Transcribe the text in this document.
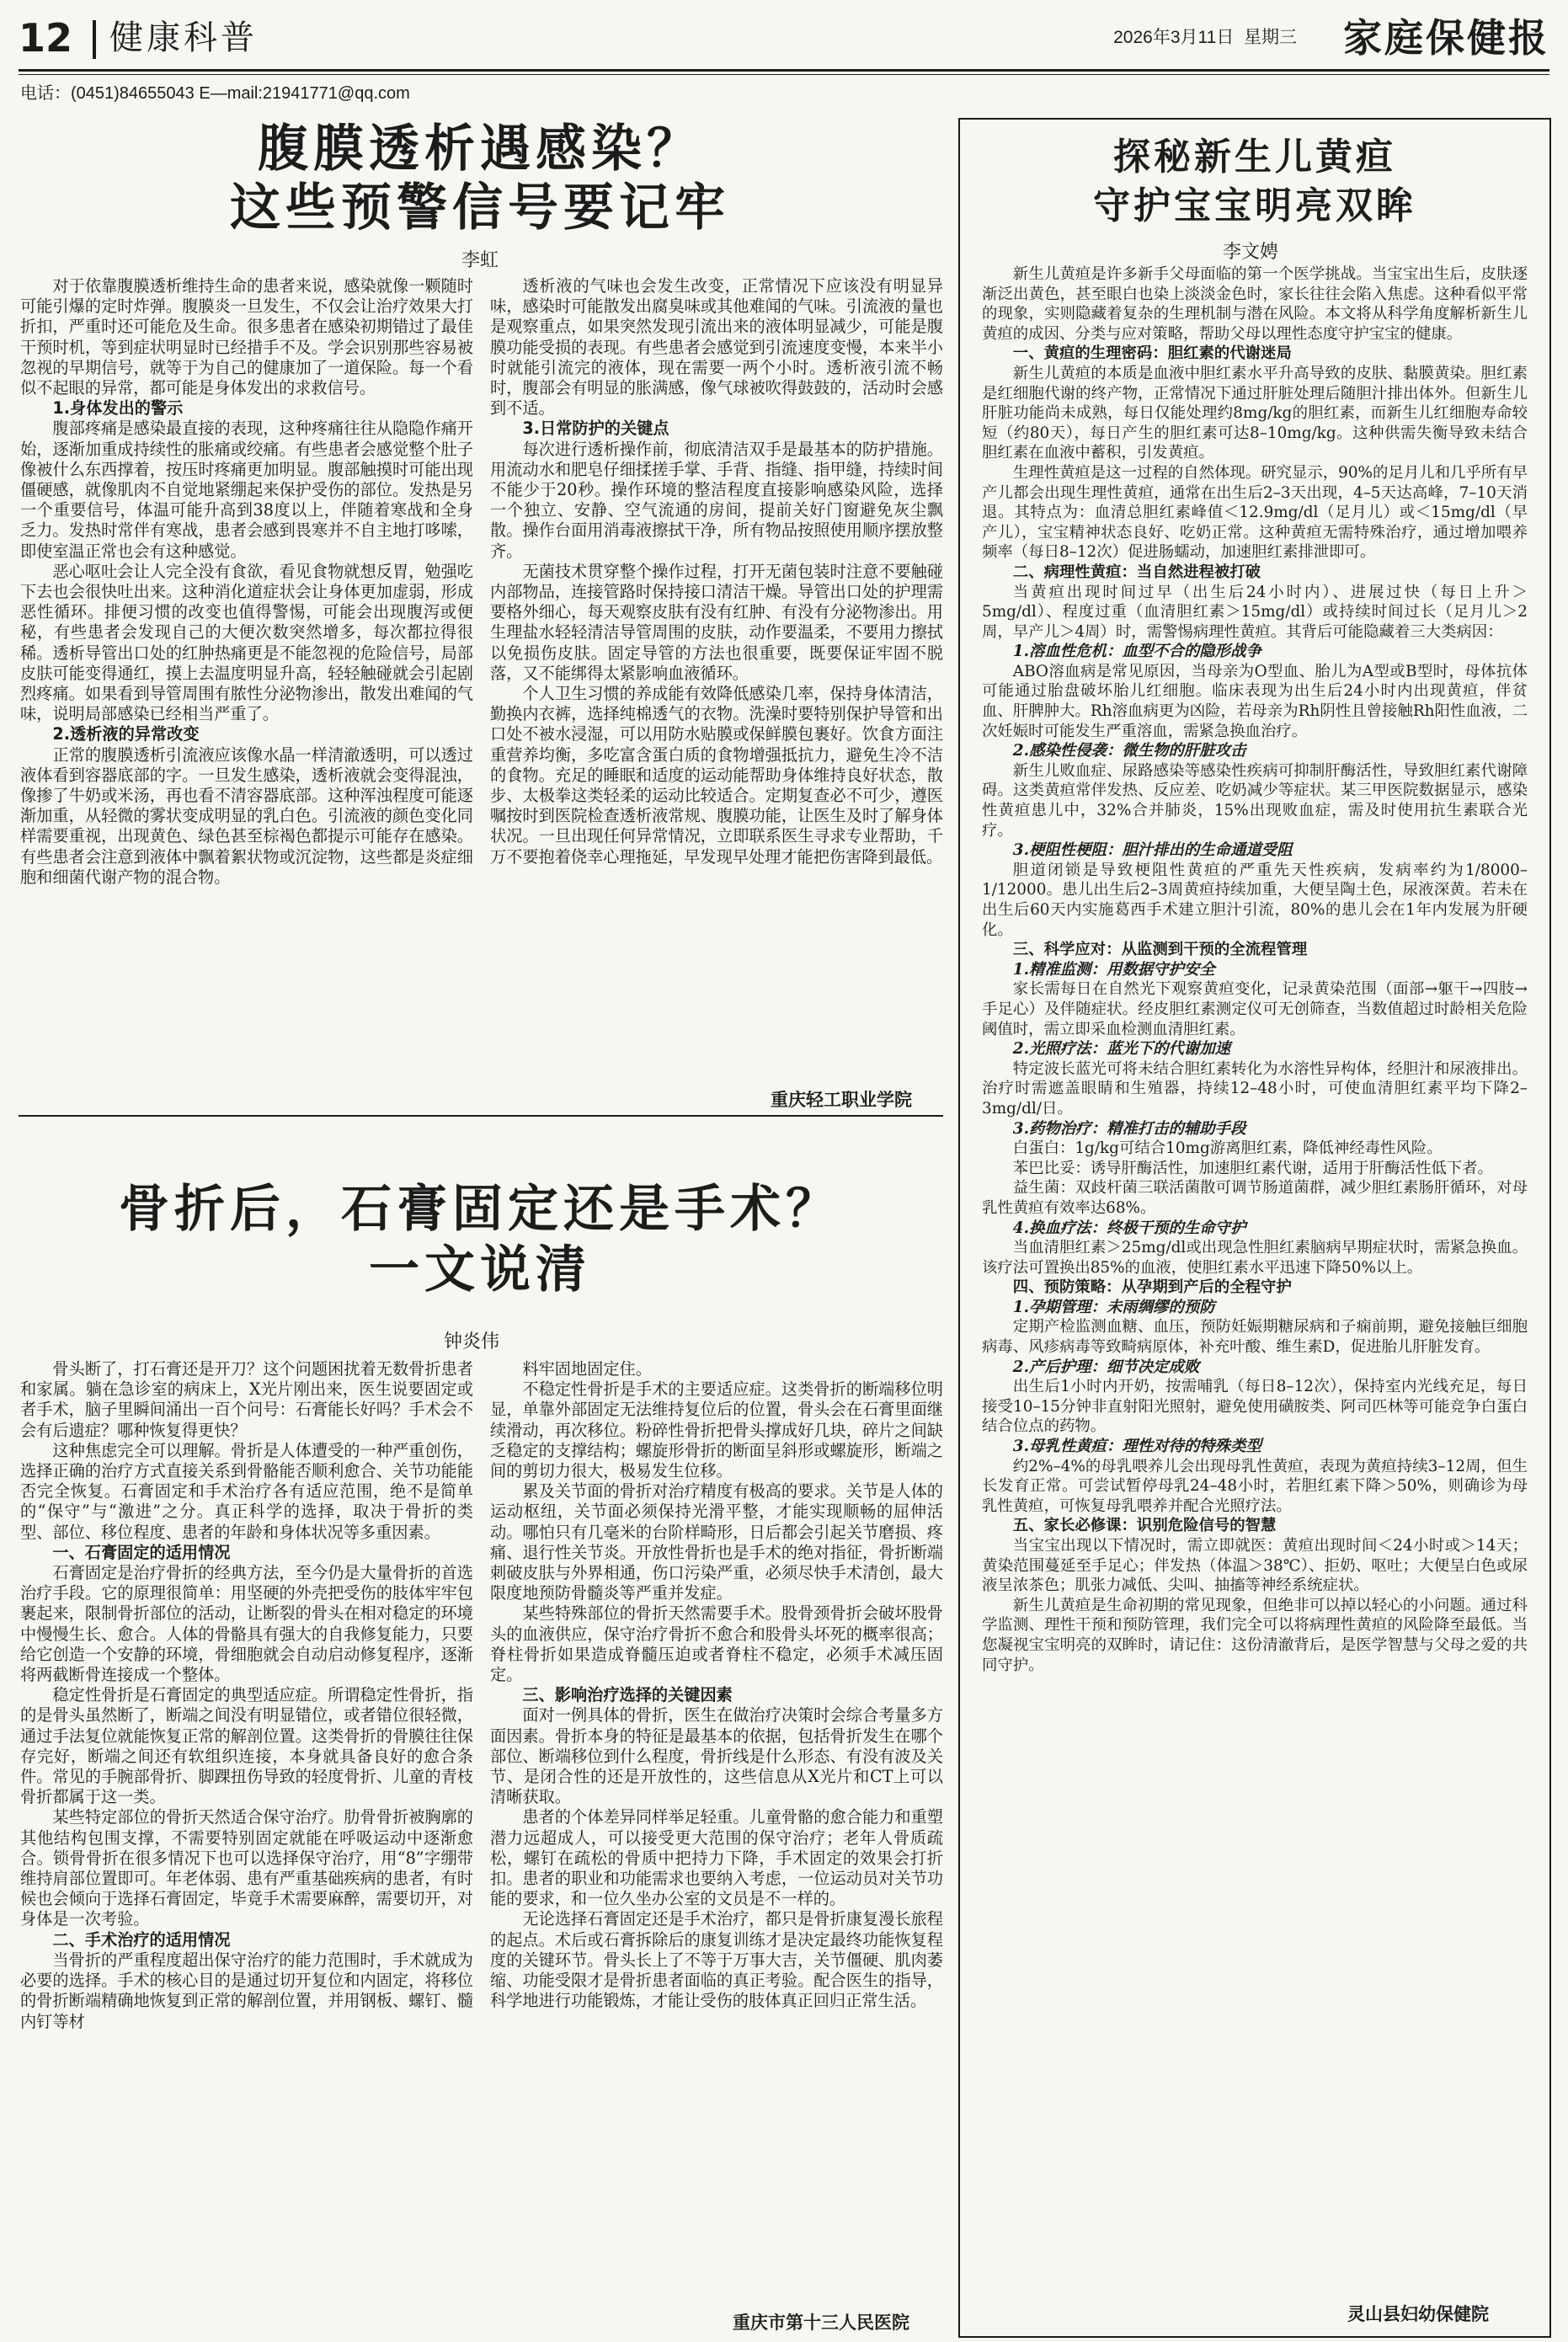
12 健康科普	2026年3月11日 星期三 家庭保健报
电话：(0451)84655043 E—mail:21941771@qq.com
腹膜透析遇感染？
这些预警信号要记牢
李虹

对于依靠腹膜透析维持生命的患者来说，感染就像一颗随时可能引爆的定时炸弹。腹膜炎一旦发生，不仅会让治疗效果大打折扣，严重时还可能危及生命。很多患者在感染初期错过了最佳干预时机，等到症状明显时已经措手不及。学会识别那些容易被忽视的早期信号，就等于为自己的健康加了一道保险。每一个看似不起眼的异常，都可能是身体发出的求救信号。

1.身体发出的警示

腹部疼痛是感染最直接的表现，这种疼痛往往从隐隐作痛开始，逐渐加重成持续性的胀痛或绞痛。有些患者会感觉整个肚子像被什么东西撑着，按压时疼痛更加明显。腹部触摸时可能出现僵硬感，就像肌肉不自觉地紧绷起来保护受伤的部位。发热是另一个重要信号，体温可能升高到38度以上，伴随着寒战和全身乏力。发热时常伴有寒战，患者会感到畏寒并不自主地打哆嗦，即使室温正常也会有这种感觉。

恶心呕吐会让人完全没有食欲，看见食物就想反胃，勉强吃下去也会很快吐出来。这种消化道症状会让身体更加虚弱，形成恶性循环。排便习惯的改变也值得警惕，可能会出现腹泻或便秘，有些患者会发现自己的大便次数突然增多，每次都拉得很稀。透析导管出口处的红肿热痛更是不能忽视的危险信号，局部皮肤可能变得通红，摸上去温度明显升高，轻轻触碰就会引起剧烈疼痛。如果看到导管周围有脓性分泌物渗出，散发出难闻的气味，说明局部感染已经相当严重了。

2.透析液的异常改变

正常的腹膜透析引流液应该像水晶一样清澈透明，可以透过液体看到容器底部的字。一旦发生感染，透析液就会变得混浊，像掺了牛奶或米汤，再也看不清容器底部。这种浑浊程度可能逐渐加重，从轻微的雾状变成明显的乳白色。引流液的颜色变化同样需要重视，出现黄色、绿色甚至棕褐色都提示可能存在感染。有些患者会注意到液体中飘着絮状物或沉淀物，这些都是炎症细胞和细菌代谢产物的混合物。

透析液的气味也会发生改变，正常情况下应该没有明显异味，感染时可能散发出腐臭味或其他难闻的气味。引流液的量也是观察重点，如果突然发现引流出来的液体明显减少，可能是腹膜功能受损的表现。有些患者会感觉到引流速度变慢，本来半小时就能引流完的液体，现在需要一两个小时。透析液引流不畅时，腹部会有明显的胀满感，像气球被吹得鼓鼓的，活动时会感到不适。

3.日常防护的关键点

每次进行透析操作前，彻底清洁双手是最基本的防护措施。用流动水和肥皂仔细揉搓手掌、手背、指缝、指甲缝，持续时间不能少于20秒。操作环境的整洁程度直接影响感染风险，选择一个独立、安静、空气流通的房间，提前关好门窗避免灰尘飘散。操作台面用消毒液擦拭干净，所有物品按照使用顺序摆放整齐。

无菌技术贯穿整个操作过程，打开无菌包装时注意不要触碰内部物品，连接管路时保持接口清洁干燥。导管出口处的护理需要格外细心，每天观察皮肤有没有红肿、有没有分泌物渗出。用生理盐水轻轻清洁导管周围的皮肤，动作要温柔，不要用力擦拭以免损伤皮肤。固定导管的方法也很重要，既要保证牢固不脱落，又不能绑得太紧影响血液循环。

个人卫生习惯的养成能有效降低感染几率，保持身体清洁，勤换内衣裤，选择纯棉透气的衣物。洗澡时要特别保护导管和出口处不被水浸湿，可以用防水贴膜或保鲜膜包裹好。饮食方面注重营养均衡，多吃富含蛋白质的食物增强抵抗力，避免生冷不洁的食物。充足的睡眠和适度的运动能帮助身体维持良好状态，散步、太极拳这类轻柔的运动比较适合。定期复查必不可少，遵医嘱按时到医院检查透析液常规、腹膜功能，让医生及时了解身体状况。一旦出现任何异常情况，立即联系医生寻求专业帮助，千万不要抱着侥幸心理拖延，早发现早处理才能把伤害降到最低。

重庆轻工职业学院
骨折后，石膏固定还是手术？
一文说清
钟炎伟

骨头断了，打石膏还是开刀？这个问题困扰着无数骨折患者和家属。躺在急诊室的病床上，X光片刚出来，医生说要固定或者手术，脑子里瞬间涌出一百个问号：石膏能长好吗？手术会不会有后遗症？哪种恢复得更快？

这种焦虑完全可以理解。骨折是人体遭受的一种严重创伤，选择正确的治疗方式直接关系到骨骼能否顺利愈合、关节功能能否完全恢复。石膏固定和手术治疗各有适应范围，绝不是简单的“保守”与“激进”之分。真正科学的选择，取决于骨折的类型、部位、移位程度、患者的年龄和身体状况等多重因素。

一、石膏固定的适用情况

石膏固定是治疗骨折的经典方法，至今仍是大量骨折的首选治疗手段。它的原理很简单：用坚硬的外壳把受伤的肢体牢牢包裹起来，限制骨折部位的活动，让断裂的骨头在相对稳定的环境中慢慢生长、愈合。人体的骨骼具有强大的自我修复能力，只要给它创造一个安静的环境，骨细胞就会自动启动修复程序，逐渐将两截断骨连接成一个整体。

稳定性骨折是石膏固定的典型适应症。所谓稳定性骨折，指的是骨头虽然断了，断端之间没有明显错位，或者错位很轻微，通过手法复位就能恢复正常的解剖位置。这类骨折的骨膜往往保存完好，断端之间还有软组织连接，本身就具备良好的愈合条件。常见的手腕部骨折、脚踝扭伤导致的轻度骨折、儿童的青枝骨折都属于这一类。

某些特定部位的骨折天然适合保守治疗。肋骨骨折被胸廓的其他结构包围支撑，不需要特别固定就能在呼吸运动中逐渐愈合。锁骨骨折在很多情况下也可以选择保守治疗，用“8”字绷带维持肩部位置即可。年老体弱、患有严重基础疾病的患者，有时候也会倾向于选择石膏固定，毕竟手术需要麻醉，需要切开，对身体是一次考验。

二、手术治疗的适用情况

当骨折的严重程度超出保守治疗的能力范围时，手术就成为必要的选择。手术的核心目的是通过切开复位和内固定，将移位的骨折断端精确地恢复到正常的解剖位置，并用钢板、螺钉、髓内钉等材

料牢固地固定住。

不稳定性骨折是手术的主要适应症。这类骨折的断端移位明显，单靠外部固定无法维持复位后的位置，骨头会在石膏里面继续滑动，再次移位。粉碎性骨折把骨头撑成好几块，碎片之间缺乏稳定的支撑结构；螺旋形骨折的断面呈斜形或螺旋形，断端之间的剪切力很大，极易发生位移。

累及关节面的骨折对治疗精度有极高的要求。关节是人体的运动枢纽，关节面必须保持光滑平整，才能实现顺畅的屈伸活动。哪怕只有几毫米的台阶样畸形，日后都会引起关节磨损、疼痛、退行性关节炎。开放性骨折也是手术的绝对指征，骨折断端刺破皮肤与外界相通，伤口污染严重，必须尽快手术清创，最大限度地预防骨髓炎等严重并发症。

某些特殊部位的骨折天然需要手术。股骨颈骨折会破坏股骨头的血液供应，保守治疗骨折不愈合和股骨头坏死的概率很高；脊柱骨折如果造成脊髓压迫或者脊柱不稳定，必须手术减压固定。

三、影响治疗选择的关键因素

面对一例具体的骨折，医生在做治疗决策时会综合考量多方面因素。骨折本身的特征是最基本的依据，包括骨折发生在哪个部位、断端移位到什么程度，骨折线是什么形态、有没有波及关节、是闭合性的还是开放性的，这些信息从X光片和CT上可以清晰获取。

患者的个体差异同样举足轻重。儿童骨骼的愈合能力和重塑潜力远超成人，可以接受更大范围的保守治疗；老年人骨质疏松，螺钉在疏松的骨质中把持力下降，手术固定的效果会打折扣。患者的职业和功能需求也要纳入考虑，一位运动员对关节功能的要求，和一位久坐办公室的文员是不一样的。

无论选择石膏固定还是手术治疗，都只是骨折康复漫长旅程的起点。术后或石膏拆除后的康复训练才是决定最终功能恢复程度的关键环节。骨头长上了不等于万事大吉，关节僵硬、肌肉萎缩、功能受限才是骨折患者面临的真正考验。配合医生的指导，科学地进行功能锻炼，才能让受伤的肢体真正回归正常生活。

重庆市第十三人民医院
探秘新生儿黄疸
守护宝宝明亮双眸
李文娉

新生儿黄疸是许多新手父母面临的第一个医学挑战。当宝宝出生后，皮肤逐渐泛出黄色，甚至眼白也染上淡淡金色时，家长往往会陷入焦虑。这种看似平常的现象，实则隐藏着复杂的生理机制与潜在风险。本文将从科学角度解析新生儿黄疸的成因、分类与应对策略，帮助父母以理性态度守护宝宝的健康。

一、黄疸的生理密码：胆红素的代谢迷局

新生儿黄疸的本质是血液中胆红素水平升高导致的皮肤、黏膜黄染。胆红素是红细胞代谢的终产物，正常情况下通过肝脏处理后随胆汁排出体外。但新生儿肝脏功能尚未成熟，每日仅能处理约8mg/kg的胆红素，而新生儿红细胞寿命较短（约80天），每日产生的胆红素可达8–10mg/kg。这种供需失衡导致未结合胆红素在血液中蓄积，引发黄疸。

生理性黄疸是这一过程的自然体现。研究显示，90%的足月儿和几乎所有早产儿都会出现生理性黄疸，通常在出生后2–3天出现，4–5天达高峰，7–10天消退。其特点为：血清总胆红素峰值＜12.9mg/dl（足月儿）或＜15mg/dl（早产儿），宝宝精神状态良好、吃奶正常。这种黄疸无需特殊治疗，通过增加喂养频率（每日8–12次）促进肠蠕动，加速胆红素排泄即可。

二、病理性黄疸：当自然进程被打破

当黄疸出现时间过早（出生后24小时内）、进展过快（每日上升＞5mg/dl）、程度过重（血清胆红素＞15mg/dl）或持续时间过长（足月儿＞2周，早产儿＞4周）时，需警惕病理性黄疸。其背后可能隐藏着三大类病因：

1.溶血性危机：血型不合的隐形战争

ABO溶血病是常见原因，当母亲为O型血、胎儿为A型或B型时，母体抗体可能通过胎盘破坏胎儿红细胞。临床表现为出生后24小时内出现黄疸，伴贫血、肝脾肿大。Rh溶血病更为凶险，若母亲为Rh阴性且曾接触Rh阳性血液，二次妊娠时可能发生严重溶血，需紧急换血治疗。

2.感染性侵袭：微生物的肝脏攻击

新生儿败血症、尿路感染等感染性疾病可抑制肝酶活性，导致胆红素代谢障碍。这类黄疸常伴发热、反应差、吃奶减少等症状。某三甲医院数据显示，感染性黄疸患儿中，32%合并肺炎，15%出现败血症，需及时使用抗生素联合光疗。

3.梗阻性梗阻：胆汁排出的生命通道受阻

胆道闭锁是导致梗阻性黄疸的严重先天性疾病，发病率约为1/8000–1/12000。患儿出生后2–3周黄疸持续加重，大便呈陶土色，尿液深黄。若未在出生后60天内实施葛西手术建立胆汁引流，80%的患儿会在1年内发展为肝硬化。

三、科学应对：从监测到干预的全流程管理

1.精准监测：用数据守护安全

家长需每日在自然光下观察黄疸变化，记录黄染范围（面部→躯干→四肢→手足心）及伴随症状。经皮胆红素测定仪可无创筛查，当数值超过时龄相关危险阈值时，需立即采血检测血清胆红素。

2.光照疗法：蓝光下的代谢加速

特定波长蓝光可将未结合胆红素转化为水溶性异构体，经胆汁和尿液排出。治疗时需遮盖眼睛和生殖器，持续12–48小时，可使血清胆红素平均下降2–3mg/dl/日。

3.药物治疗：精准打击的辅助手段

白蛋白：1g/kg可结合10mg游离胆红素，降低神经毒性风险。

苯巴比妥：诱导肝酶活性，加速胆红素代谢，适用于肝酶活性低下者。

益生菌：双歧杆菌三联活菌散可调节肠道菌群，减少胆红素肠肝循环，对母乳性黄疸有效率达68%。

4.换血疗法：终极干预的生命守护

当血清胆红素＞25mg/dl或出现急性胆红素脑病早期症状时，需紧急换血。该疗法可置换出85%的血液，使胆红素水平迅速下降50%以上。

四、预防策略：从孕期到产后的全程守护

1.孕期管理：未雨绸缪的预防

定期产检监测血糖、血压，预防妊娠期糖尿病和子痫前期，避免接触巨细胞病毒、风疹病毒等致畸病原体，补充叶酸、维生素D，促进胎儿肝脏发育。

2.产后护理：细节决定成败

出生后1小时内开奶，按需哺乳（每日8–12次），保持室内光线充足，每日接受10–15分钟非直射阳光照射，避免使用磺胺类、阿司匹林等可能竞争白蛋白结合位点的药物。

3.母乳性黄疸：理性对待的特殊类型

约2%–4%的母乳喂养儿会出现母乳性黄疸，表现为黄疸持续3–12周，但生长发育正常。可尝试暂停母乳24–48小时，若胆红素下降＞50%，则确诊为母乳性黄疸，可恢复母乳喂养并配合光照疗法。

五、家长必修课：识别危险信号的智慧

当宝宝出现以下情况时，需立即就医：黄疸出现时间＜24小时或＞14天；黄染范围蔓延至手足心；伴发热（体温＞38℃）、拒奶、呕吐；大便呈白色或尿液呈浓茶色；肌张力减低、尖叫、抽搐等神经系统症状。

新生儿黄疸是生命初期的常见现象，但绝非可以掉以轻心的小问题。通过科学监测、理性干预和预防管理，我们完全可以将病理性黄疸的风险降至最低。当您凝视宝宝明亮的双眸时，请记住：这份清澈背后，是医学智慧与父母之爱的共同守护。

灵山县妇幼保健院
